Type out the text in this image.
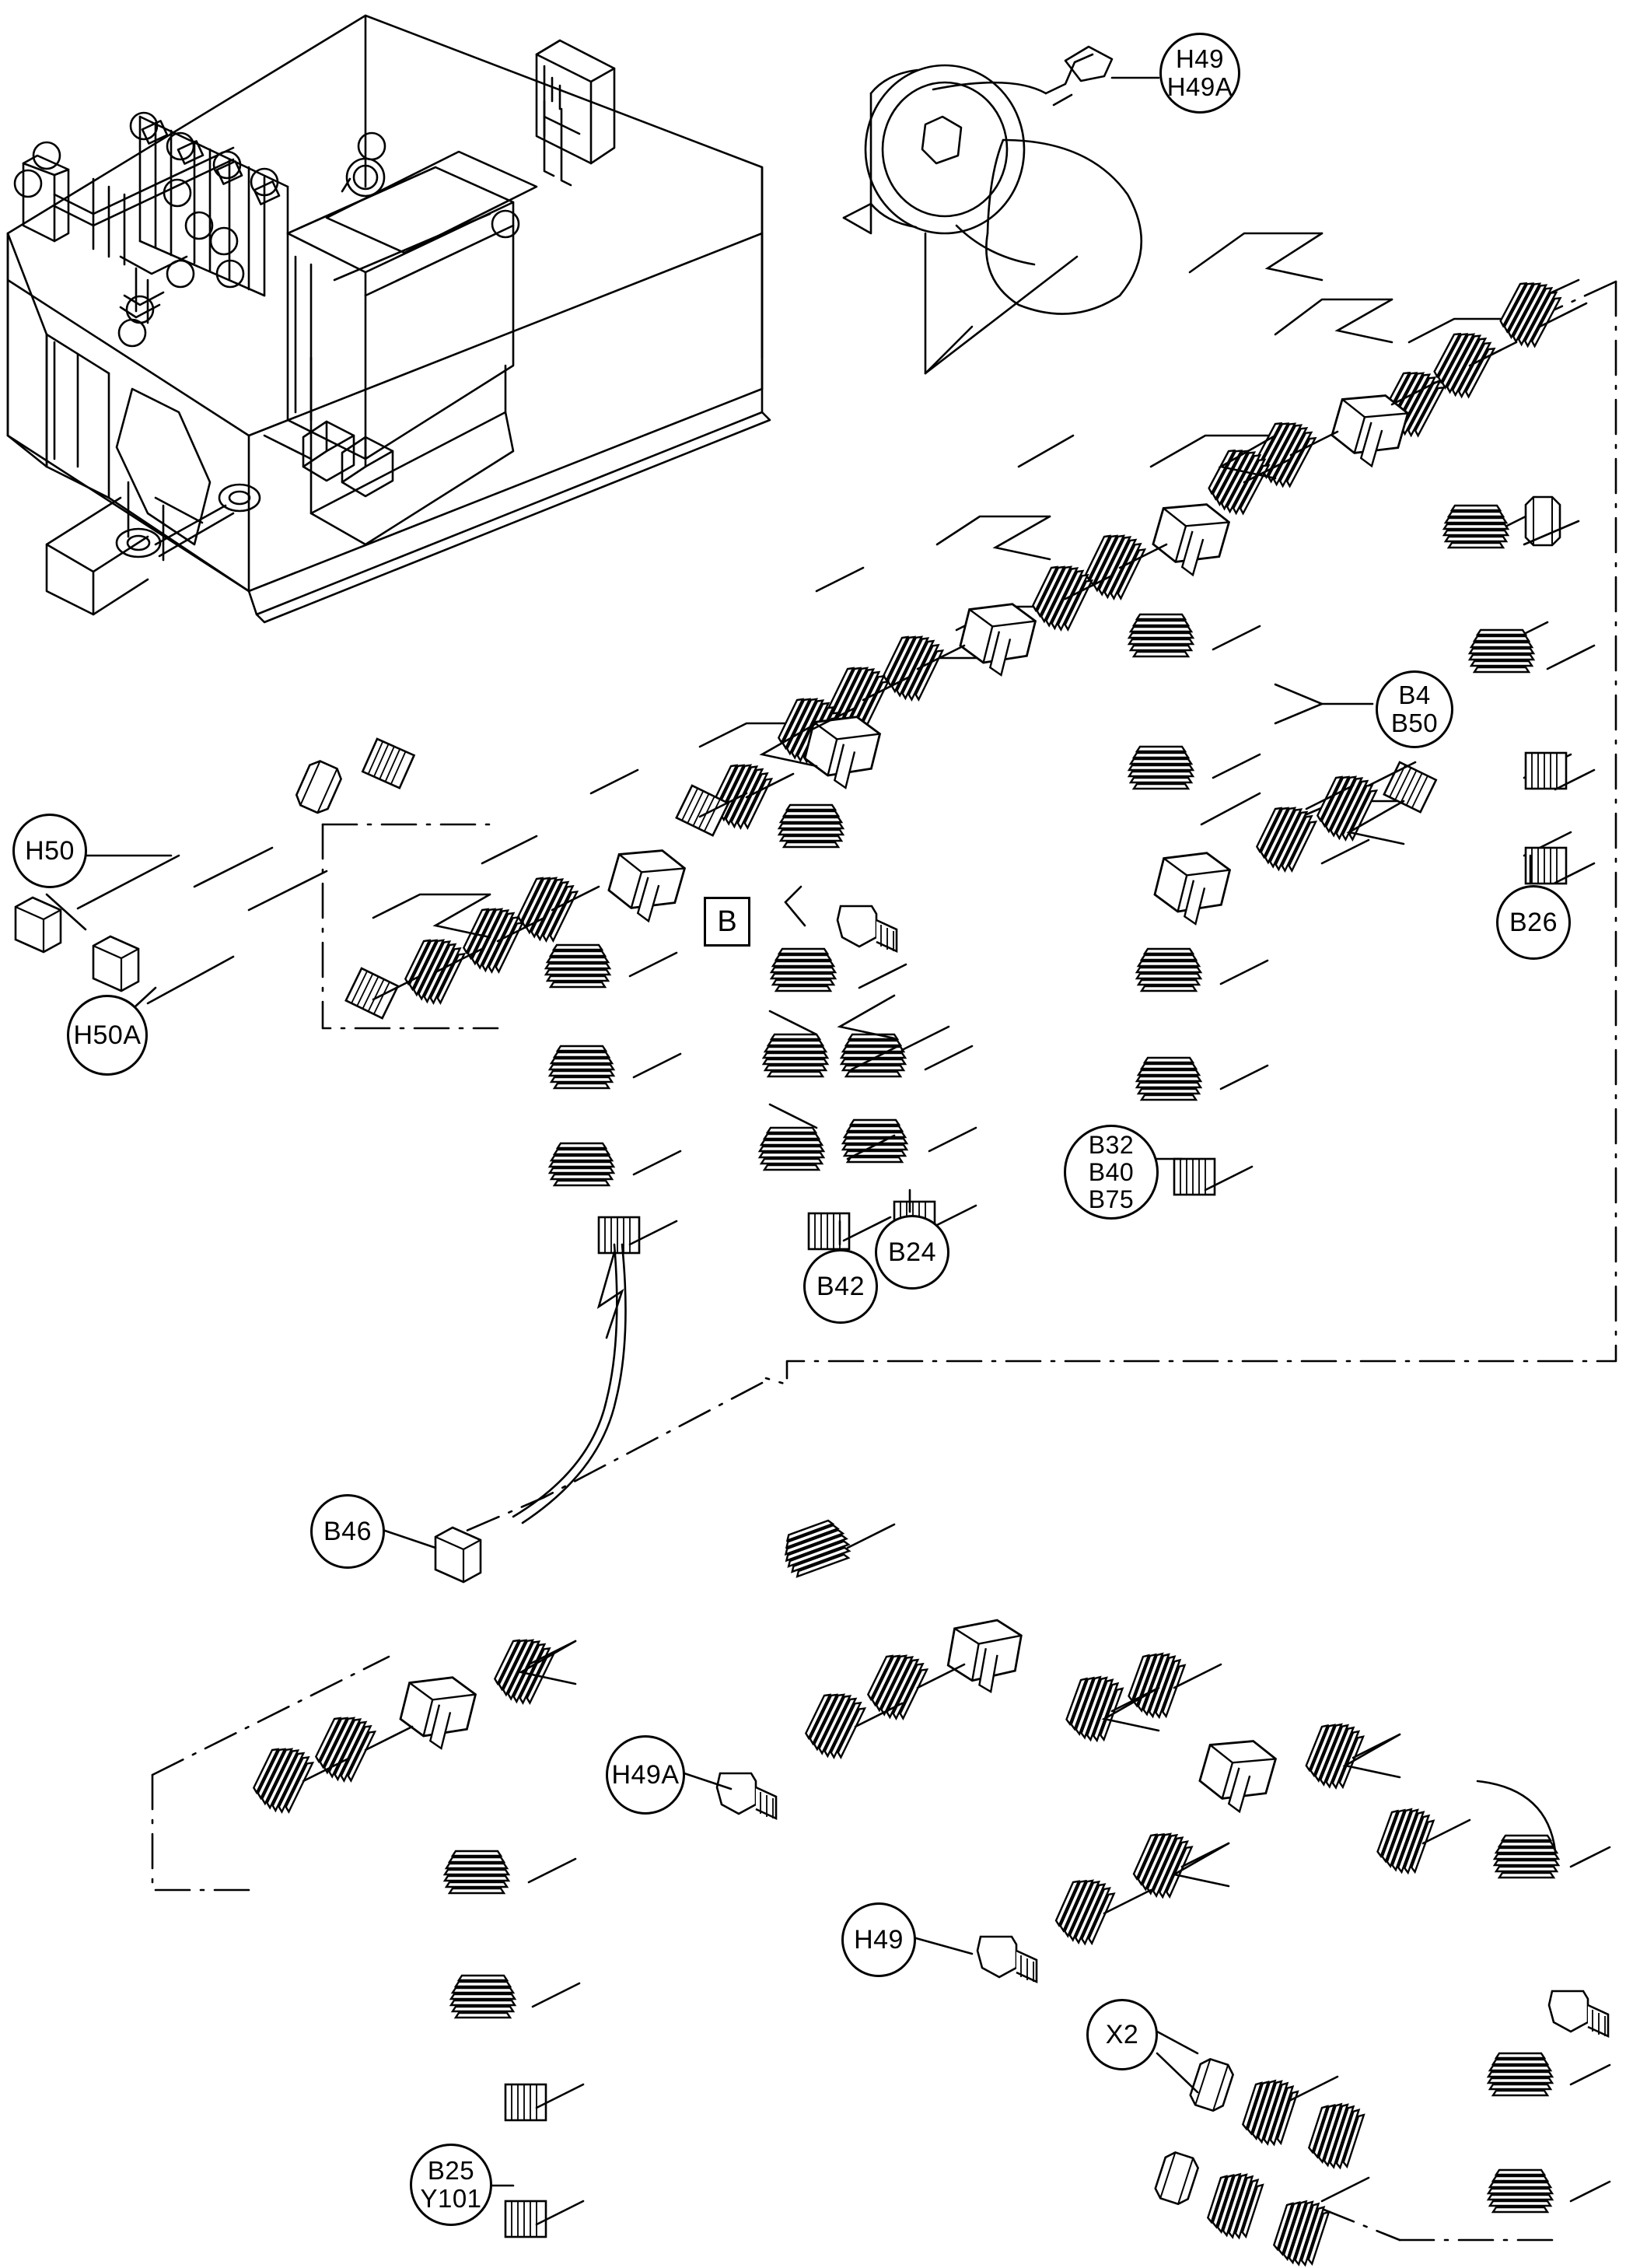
H49
H49A
B4
B50
B26
H50
H50A
B32
B40
B75
B42
B24
B46
H49A
H49
X2
B25
Y101
B
